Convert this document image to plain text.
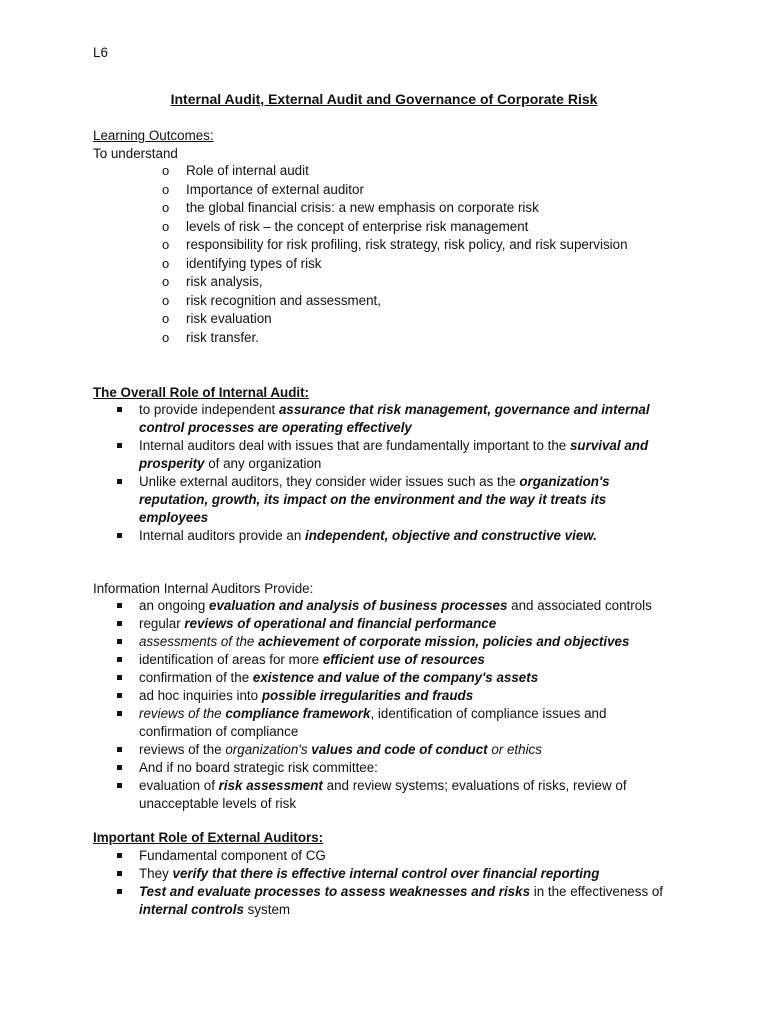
L6
Internal Audit, External Audit and Governance of Corporate Risk
Learning Outcomes:
To understand
o Role of internal audit
o Importance of external auditor
o the global financial crisis: a new emphasis on corporate risk
o levels of risk – the concept of enterprise risk management
o responsibility for risk profiling, risk strategy, risk policy, and risk supervision
o identifying types of risk
o risk analysis,
o risk recognition and assessment,
o risk evaluation
o risk transfer.
The Overall Role of Internal Audit:
to provide independent assurance that risk management, governance and internal control processes are operating effectively
Internal auditors deal with issues that are fundamentally important to the survival and prosperity of any organization
Unlike external auditors, they consider wider issues such as the organization's reputation, growth, its impact on the environment and the way it treats its employees
Internal auditors provide an independent, objective and constructive view.
Information Internal Auditors Provide:
an ongoing evaluation and analysis of business processes and associated controls
regular reviews of operational and financial performance
assessments of the achievement of corporate mission, policies and objectives
identification of areas for more efficient use of resources
confirmation of the existence and value of the company's assets
ad hoc inquiries into possible irregularities and frauds
reviews of the compliance framework, identification of compliance issues and confirmation of compliance
reviews of the organization's values and code of conduct or ethics
And if no board strategic risk committee:
evaluation of risk assessment and review systems; evaluations of risks, review of unacceptable levels of risk
Important Role of External Auditors:
Fundamental component of CG
They verify that there is effective internal control over financial reporting
Test and evaluate processes to assess weaknesses and risks in the effectiveness of internal controls system
